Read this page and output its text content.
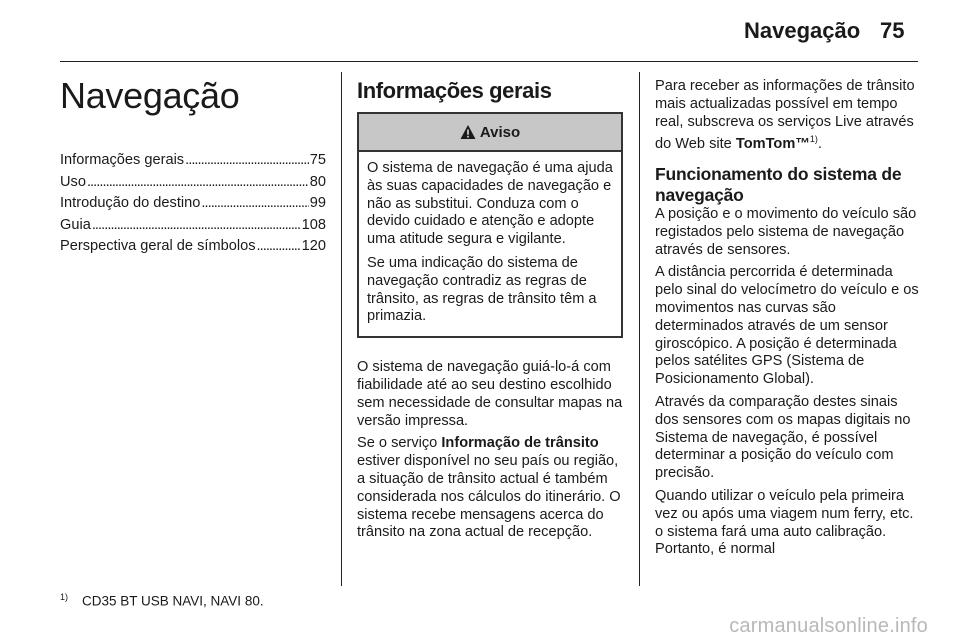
Navegação 75
Navegação
Informações gerais . . .	75
Uso . . .	80
Introdução do destino . . .	99
Guia . . .	108
Perspectiva geral de símbolos . . .	120
Informações gerais
Aviso

O sistema de navegação é uma ajuda às suas capacidades de navegação e não as substitui. Conduza com o devido cuidado e atenção e adopte uma atitude segura e vigilante.

Se uma indicação do sistema de navegação contradiz as regras de trânsito, as regras de trânsito têm a primazia.

O sistema de navegação guiá-lo-á com fiabilidade até ao seu destino escolhido sem necessidade de consultar mapas na versão impressa.

Se o serviço Informação de trânsito estiver disponível no seu país ou região, a situação de trânsito actual é também considerada nos cálculos do itinerário. O sistema recebe mensagens acerca do trânsito na zona actual de recepção.

Para receber as informações de trânsito mais actualizadas possível em tempo real, subscreva os serviços Live através do Web site TomTom™$^{1)}$.

Funcionamento do sistema de navegação

A posição e o movimento do veículo são registados pelo sistema de navegação através de sensores.

A distância percorrida é determinada pelo sinal do velocímetro do veículo e os movimentos nas curvas são determinados através de um sensor giroscópico. A posição é determinada pelos satélites GPS (Sistema de Posicionamento Global).

Através da comparação destes sinais dos sensores com os mapas digitais no Sistema de navegação, é possível determinar a posição do veículo com precisão.

Quando utilizar o veículo pela primeira vez ou após uma viagem num ferry, etc. o sistema fará uma auto calibração. Portanto, é normal

$^{1)}$ CD35 BT USB NAVI, NAVI 80.
carmanualsonline.info
